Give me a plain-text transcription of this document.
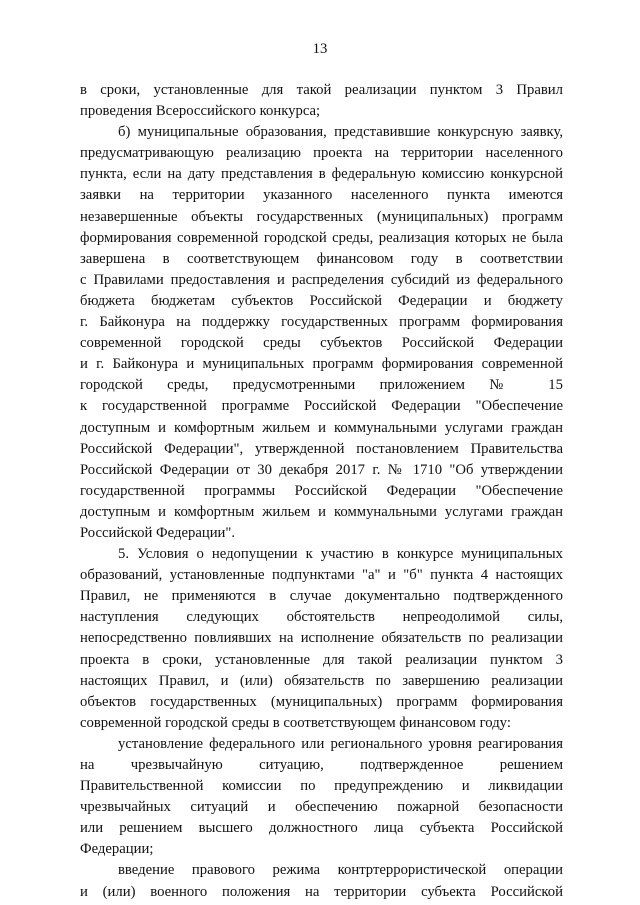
13
в сроки, установленные для такой реализации пунктом 3 Правил
проведения Всероссийского конкурса;
б) муниципальные образования, представившие конкурсную заявку,
предусматривающую реализацию проекта на территории населенного
пункта, если на дату представления в федеральную комиссию конкурсной
заявки на территории указанного населенного пункта имеются
незавершенные объекты государственных (муниципальных) программ
формирования современной городской среды, реализация которых не была
завершена в соответствующем финансовом году в соответствии
с Правилами предоставления и распределения субсидий из федерального
бюджета бюджетам субъектов Российской Федерации и бюджету
г. Байконура на поддержку государственных программ формирования
современной городской среды субъектов Российской Федерации
и г. Байконура и муниципальных программ формирования современной
городской среды, предусмотренными приложением № 15
к государственной программе Российской Федерации "Обеспечение
доступным и комфортным жильем и коммунальными услугами граждан
Российской Федерации", утвержденной постановлением Правительства
Российской Федерации от 30 декабря 2017 г. № 1710 "Об утверждении
государственной программы Российской Федерации "Обеспечение
доступным и комфортным жильем и коммунальными услугами граждан
Российской Федерации".
5. Условия о недопущении к участию в конкурсе муниципальных
образований, установленные подпунктами "а" и "б" пункта 4 настоящих
Правил, не применяются в случае документально подтвержденного
наступления следующих обстоятельств непреодолимой силы,
непосредственно повлиявших на исполнение обязательств по реализации
проекта в сроки, установленные для такой реализации пунктом 3
настоящих Правил, и (или) обязательств по завершению реализации
объектов государственных (муниципальных) программ формирования
современной городской среды в соответствующем финансовом году:
установление федерального или регионального уровня реагирования
на чрезвычайную ситуацию, подтвержденное решением
Правительственной комиссии по предупреждению и ликвидации
чрезвычайных ситуаций и обеспечению пожарной безопасности
или решением высшего должностного лица субъекта Российской
Федерации;
введение правового режима контртеррористической операции
и (или) военного положения на территории субъекта Российской
